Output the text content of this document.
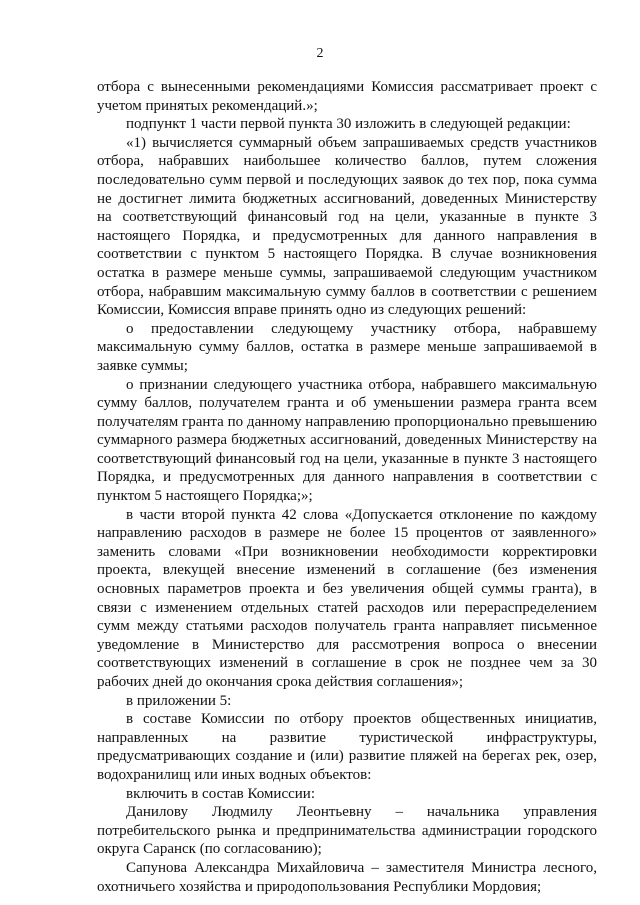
2

отбора с вынесенными рекомендациями Комиссия рассматривает проект с учетом принятых рекомендаций.»;

подпункт 1 части первой пункта 30 изложить в следующей редакции:

«1) вычисляется суммарный объем запрашиваемых средств участников отбора, набравших наибольшее количество баллов, путем сложения последовательно сумм первой и последующих заявок до тех пор, пока сумма не достигнет лимита бюджетных ассигнований, доведенных Министерству на соответствующий финансовый год на цели, указанные в пункте 3 настоящего Порядка, и предусмотренных для данного направления в соответствии с пунктом 5 настоящего Порядка. В случае возникновения остатка в размере меньше суммы, запрашиваемой следующим участником отбора, набравшим максимальную сумму баллов в соответствии с решением Комиссии, Комиссия вправе принять одно из следующих решений:

о предоставлении следующему участнику отбора, набравшему максимальную сумму баллов, остатка в размере меньше запрашиваемой в заявке суммы;

о признании следующего участника отбора, набравшего максимальную сумму баллов, получателем гранта и об уменьшении размера гранта всем получателям гранта по данному направлению пропорционально превышению суммарного размера бюджетных ассигнований, доведенных Министерству на соответствующий финансовый год на цели, указанные в пункте 3 настоящего Порядка, и предусмотренных для данного направления в соответствии с пунктом 5 настоящего Порядка;»;

в части второй пункта 42 слова «Допускается отклонение по каждому направлению расходов в размере не более 15 процентов от заявленного» заменить словами «При возникновении необходимости корректировки проекта, влекущей внесение изменений в соглашение (без изменения основных параметров проекта и без увеличения общей суммы гранта), в связи с изменением отдельных статей расходов или перераспределением сумм между статьями расходов получатель гранта направляет письменное уведомление в Министерство для рассмотрения вопроса о внесении соответствующих изменений в соглашение в срок не позднее чем за 30 рабочих дней до окончания срока действия соглашения»;

в приложении 5:

в составе Комиссии по отбору проектов общественных инициатив, направленных на развитие туристической инфраструктуры, предусматривающих создание и (или) развитие пляжей на берегах рек, озер, водохранилищ или иных водных объектов:

включить в состав Комиссии:

Данилову Людмилу Леонтьевну – начальника управления потребительского рынка и предпринимательства администрации городского округа Саранск (по согласованию);

Сапунова Александра Михайловича – заместителя Министра лесного, охотничьего хозяйства и природопользования Республики Мордовия;
